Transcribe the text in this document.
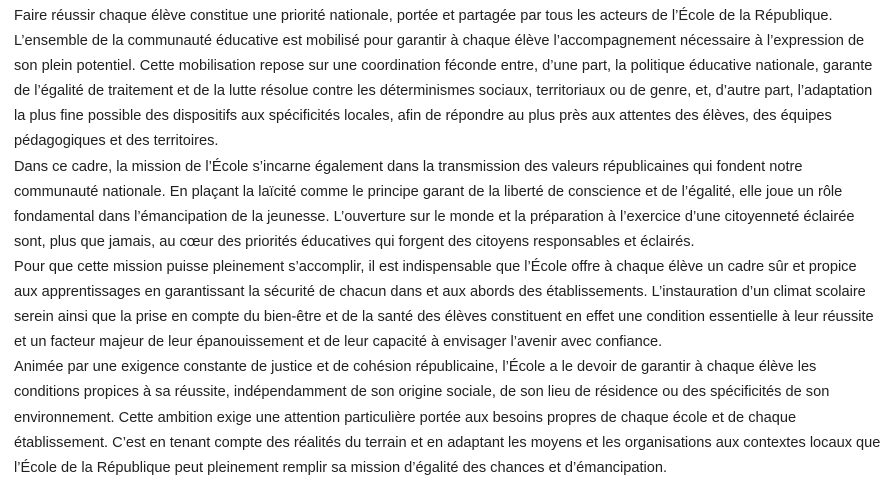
Faire réussir chaque élève constitue une priorité nationale, portée et partagée par tous les acteurs de l’École de la République. L’ensemble de la communauté éducative est mobilisé pour garantir à chaque élève l’accompagnement nécessaire à l’expression de son plein potentiel. Cette mobilisation repose sur une coordination féconde entre, d’une part, la politique éducative nationale, garante de l’égalité de traitement et de la lutte résolue contre les déterminismes sociaux, territoriaux ou de genre, et, d’autre part, l’adaptation la plus fine possible des dispositifs aux spécificités locales, afin de répondre au plus près aux attentes des élèves, des équipes pédagogiques et des territoires.

Dans ce cadre, la mission de l’École s’incarne également dans la transmission des valeurs républicaines qui fondent notre communauté nationale. En plaçant la laïcité comme le principe garant de la liberté de conscience et de l’égalité, elle joue un rôle fondamental dans l’émancipation de la jeunesse. L’ouverture sur le monde et la préparation à l’exercice d’une citoyenneté éclairée sont, plus que jamais, au cœur des priorités éducatives qui forgent des citoyens responsables et éclairés.

Pour que cette mission puisse pleinement s’accomplir, il est indispensable que l’École offre à chaque élève un cadre sûr et propice aux apprentissages en garantissant la sécurité de chacun dans et aux abords des établissements. L’instauration d’un climat scolaire serein ainsi que la prise en compte du bien-être et de la santé des élèves constituent en effet une condition essentielle à leur réussite et un facteur majeur de leur épanouissement et de leur capacité à envisager l’avenir avec confiance.

Animée par une exigence constante de justice et de cohésion républicaine, l’École a le devoir de garantir à chaque élève les conditions propices à sa réussite, indépendamment de son origine sociale, de son lieu de résidence ou des spécificités de son environnement. Cette ambition exige une attention particulière portée aux besoins propres de chaque école et de chaque établissement. C’est en tenant compte des réalités du terrain et en adaptant les moyens et les organisations aux contextes locaux que l’École de la République peut pleinement remplir sa mission d’égalité des chances et d’émancipation.
